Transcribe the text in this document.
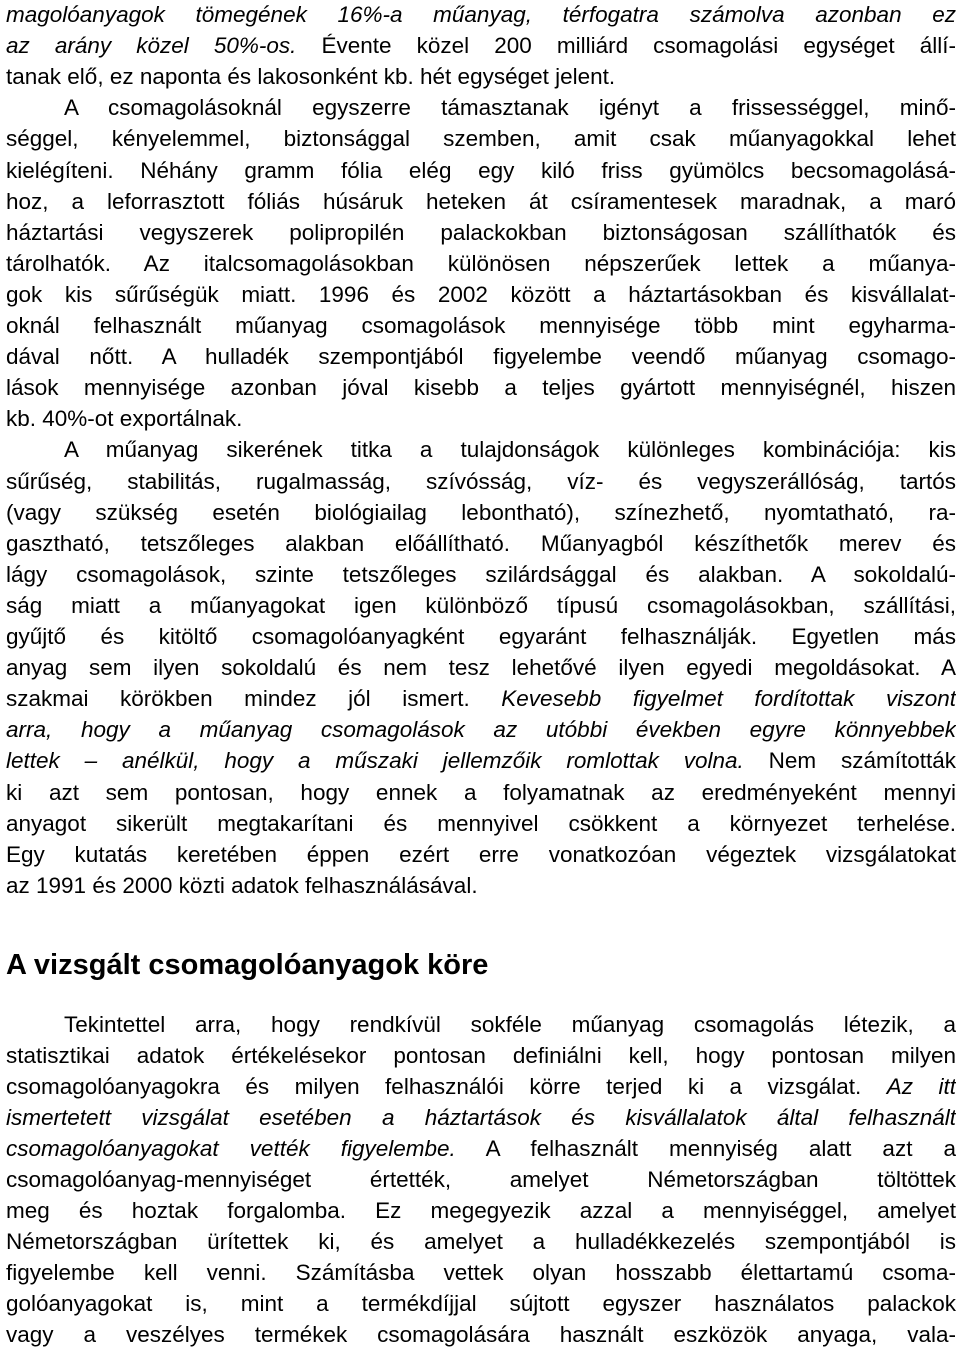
magolóanyagok tömegének 16%-a műanyag, térfogatra számolva azonban ez
az arány közel 50%-os. Évente közel 200 milliárd csomagolási egységet állí-
tanak elő, ez naponta és lakosonként kb. hét egységet jelent.
A csomagolásoknál egyszerre támasztanak igényt a frissességgel, minő-
séggel, kényelemmel, biztonsággal szemben, amit csak műanyagokkal lehet
kielégíteni. Néhány gramm fólia elég egy kiló friss gyümölcs becsomagolásá-
hoz, a leforrasztott fóliás húsáruk heteken át csíramentesek maradnak, a maró
háztartási vegyszerek polipropilén palackokban biztonságosan szállíthatók és
tárolhatók. Az italcsomagolásokban különösen népszerűek lettek a műanya-
gok kis sűrűségük miatt. 1996 és 2002 között a háztartásokban és kisvállalat-
oknál felhasznált műanyag csomagolások mennyisége több mint egyharma-
dával nőtt. A hulladék szempontjából figyelembe veendő műanyag csomago-
lások mennyisége azonban jóval kisebb a teljes gyártott mennyiségnél, hiszen
kb. 40%-ot exportálnak.
A műanyag sikerének titka a tulajdonságok különleges kombinációja: kis
sűrűség, stabilitás, rugalmasság, szívósság, víz- és vegyszerállóság, tartós
(vagy szükség esetén biológiailag lebontható), színezhető, nyomtatható, ra-
gasztható, tetszőleges alakban előállítható. Műanyagból készíthetők merev és
lágy csomagolások, szinte tetszőleges szilárdsággal és alakban. A sokoldalú-
ság miatt a műanyagokat igen különböző típusú csomagolásokban, szállítási,
gyűjtő és kitöltő csomagolóanyagként egyaránt felhasználják. Egyetlen más
anyag sem ilyen sokoldalú és nem tesz lehetővé ilyen egyedi megoldásokat. A
szakmai körökben mindez jól ismert. Kevesebb figyelmet fordítottak viszont
arra, hogy a műanyag csomagolások az utóbbi években egyre könnyebbek
lettek – anélkül, hogy a műszaki jellemzőik romlottak volna. Nem számították
ki azt sem pontosan, hogy ennek a folyamatnak az eredményeként mennyi
anyagot sikerült megtakarítani és mennyivel csökkent a környezet terhelése.
Egy kutatás keretében éppen ezért erre vonatkozóan végeztek vizsgálatokat
az 1991 és 2000 közti adatok felhasználásával.
A vizsgált csomagolóanyagok köre
Tekintettel arra, hogy rendkívül sokféle műanyag csomagolás létezik, a
statisztikai adatok értékelésekor pontosan definiálni kell, hogy pontosan milyen
csomagolóanyagokra és milyen felhasználói körre terjed ki a vizsgálat. Az itt
ismertetett vizsgálat esetében a háztartások és kisvállalatok által felhasznált
csomagolóanyagokat vették figyelembe. A felhasznált mennyiség alatt azt a
csomagolóanyag-mennyiséget értették, amelyet Németországban töltöttek
meg és hoztak forgalomba. Ez megegyezik azzal a mennyiséggel, amelyet
Németországban ürítettek ki, és amelyet a hulladékkezelés szempontjából is
figyelembe kell venni. Számításba vettek olyan hosszabb élettartamú csoma-
golóanyagokat is, mint a termékdíjjal sújtott egyszer használatos palackok
vagy a veszélyes termékek csomagolására használt eszközök anyaga, vala-
